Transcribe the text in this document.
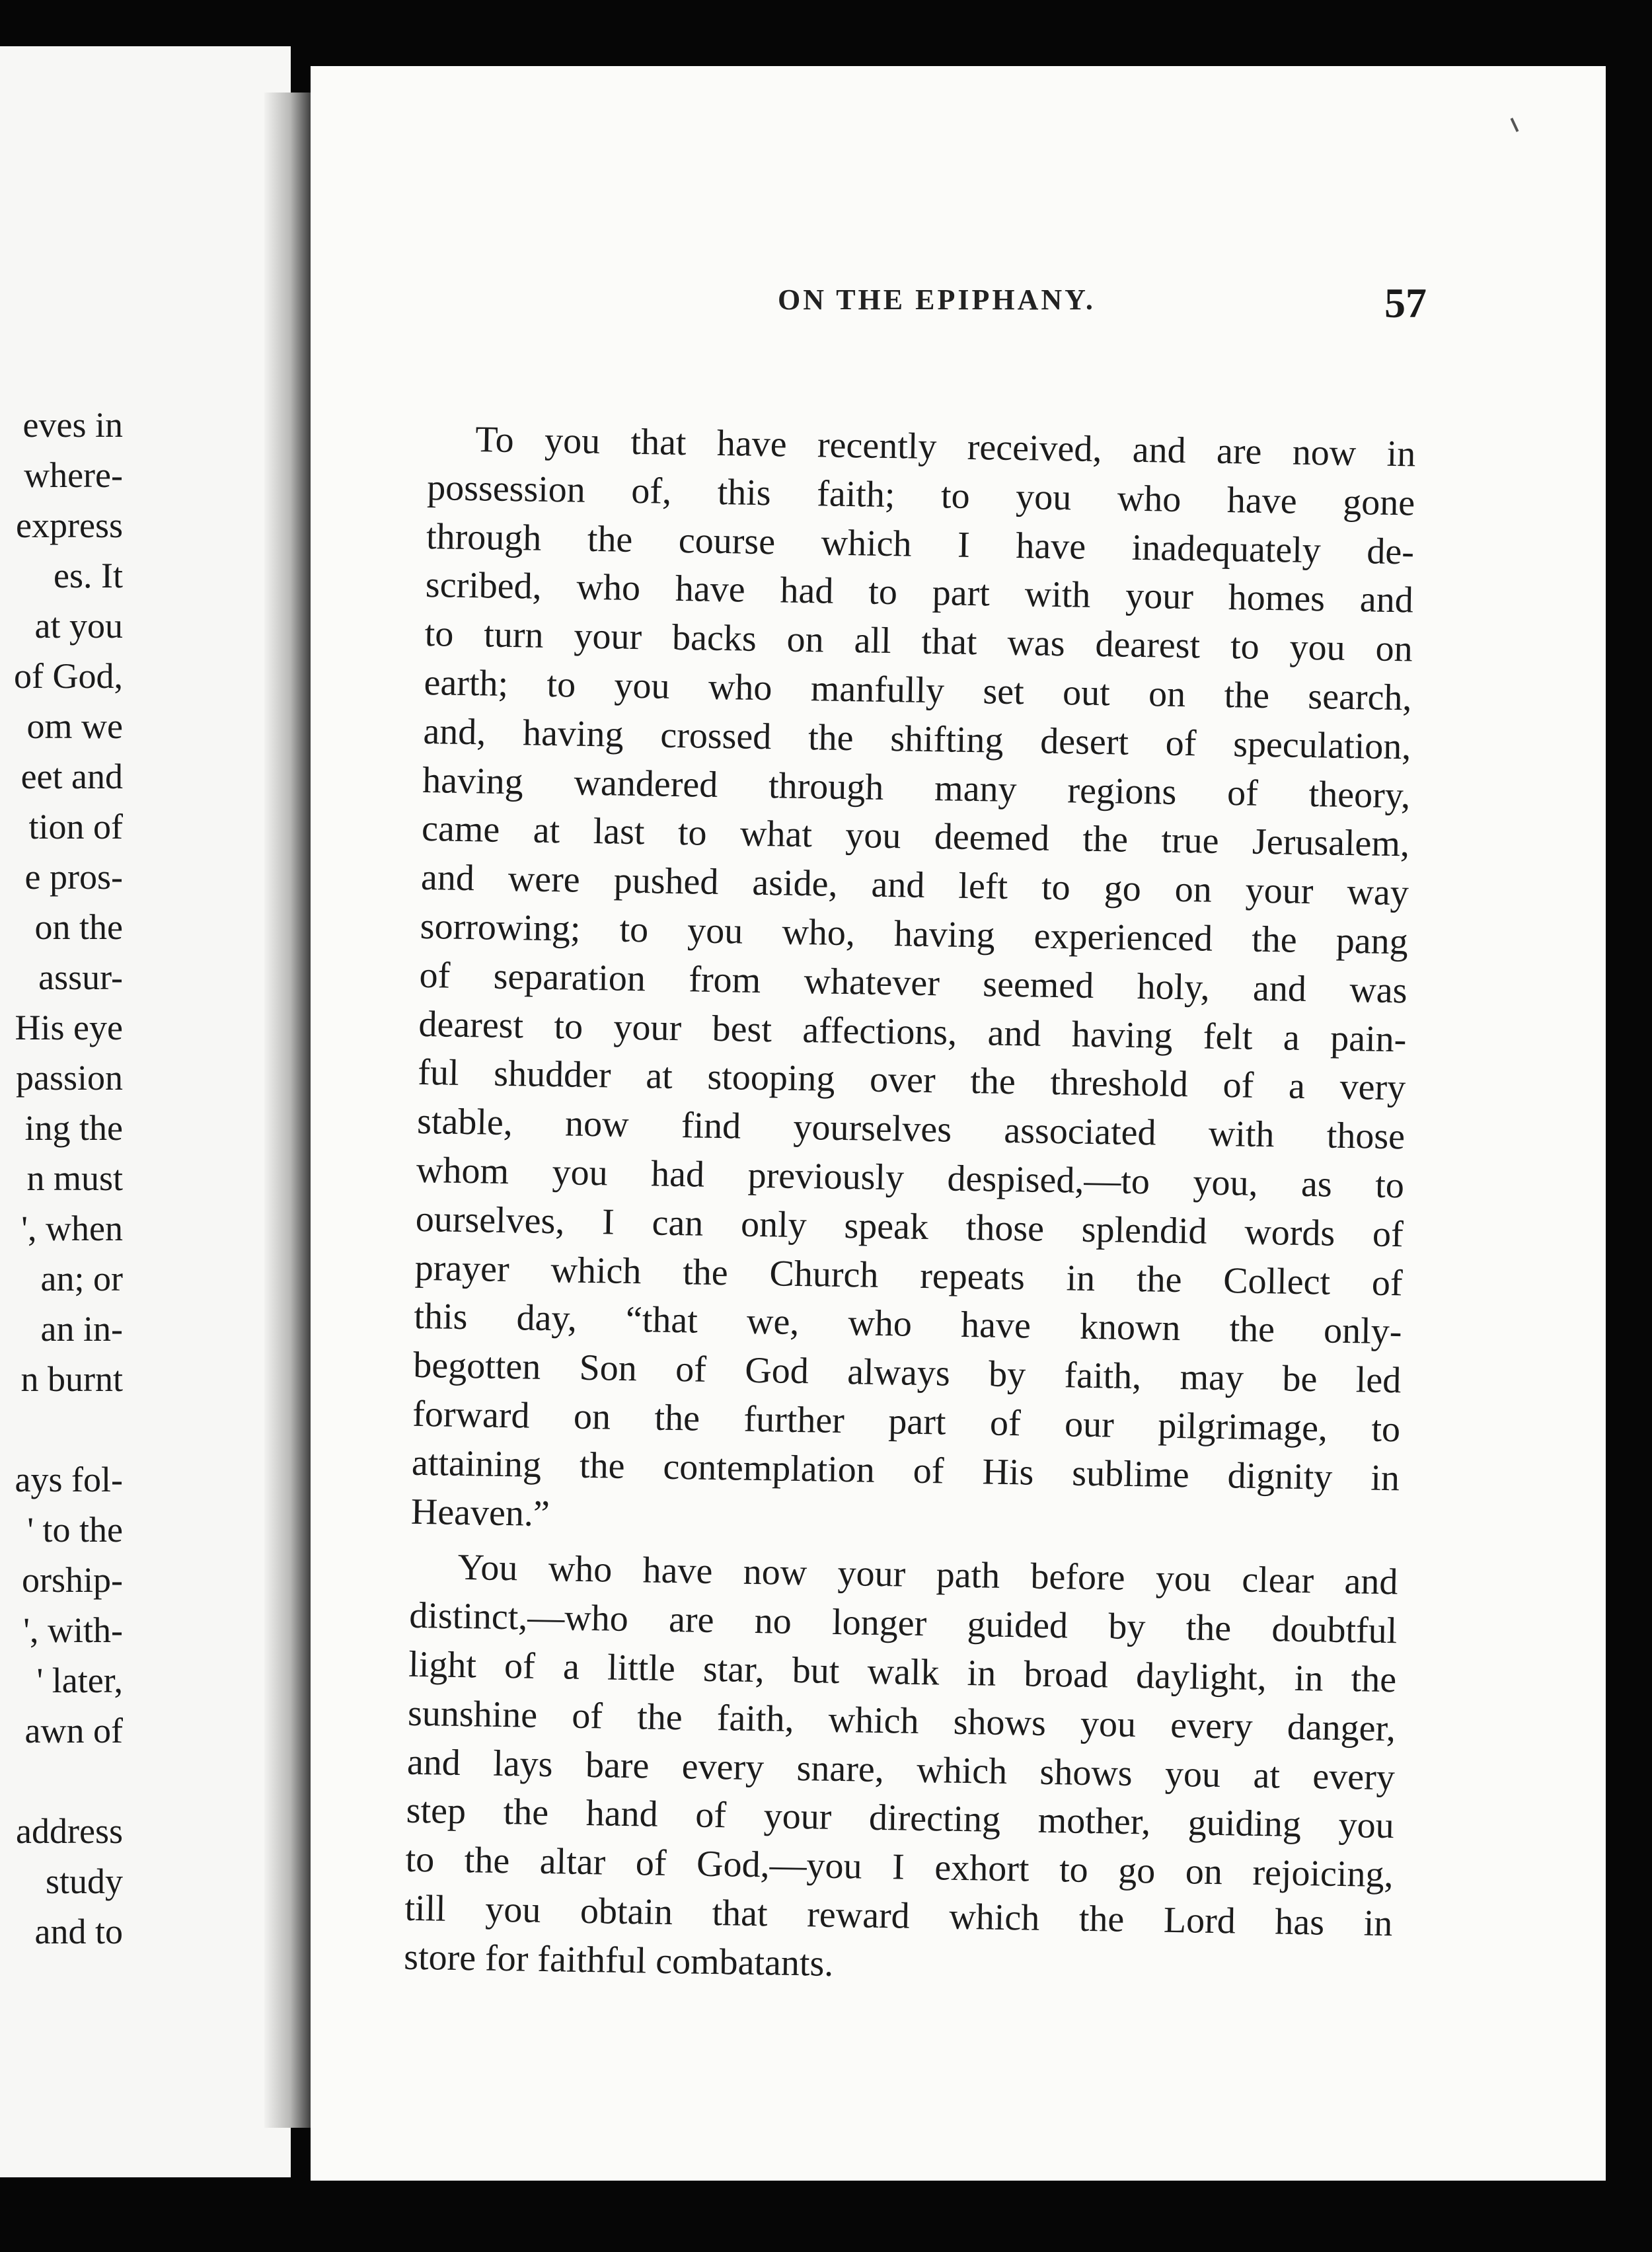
eves in
where-
express
es. It
at you
of God,
om we
eet and
tion of
e pros-
on the
assur-
His eye
passion
ing the
n must
', when
an; or
an in-
n burnt
ays fol-
' to the
orship-
', with-
' later,
awn of
address
study
and to

ON THE EPIPHANY.	57

To you that have recently received, and are now in
possession of, this faith; to you who have gone
through the course which I have inadequately de-
scribed, who have had to part with your homes and
to turn your backs on all that was dearest to you on
earth; to you who manfully set out on the search,
and, having crossed the shifting desert of speculation,
having wandered through many regions of theory,
came at last to what you deemed the true Jerusalem,
and were pushed aside, and left to go on your way
sorrowing; to you who, having experienced the pang
of separation from whatever seemed holy, and was
dearest to your best affections, and having felt a pain-
ful shudder at stooping over the threshold of a very
stable, now find yourselves associated with those
whom you had previously despised,—to you, as to
ourselves, I can only speak those splendid words of
prayer which the Church repeats in the Collect of
this day, “that we, who have known the only-
begotten Son of God always by faith, may be led
forward on the further part of our pilgrimage, to
attaining the contemplation of His sublime dignity in
Heaven.”

You who have now your path before you clear and
distinct,—who are no longer guided by the doubtful
light of a little star, but walk in broad daylight, in the
sunshine of the faith, which shows you every danger,
and lays bare every snare, which shows you at every
step the hand of your directing mother, guiding you
to the altar of God,—you I exhort to go on rejoicing,
till you obtain that reward which the Lord has in
store for faithful combatants.
